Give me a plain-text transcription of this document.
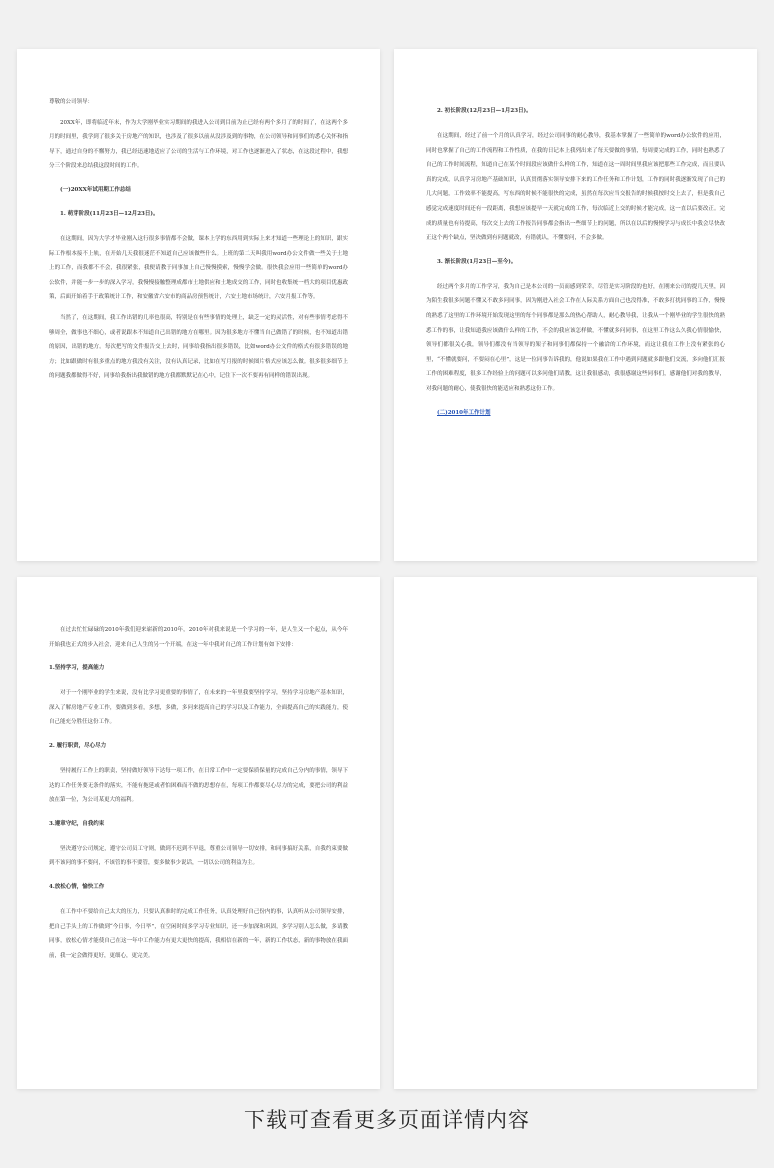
尊敬的公司领导：

20XX年，即将临近年末，作为大学刚毕业实习期间的我进入公司到目前为止已经有两个多月了的时间了，在这两个多月的时间里，我学到了很多关于房地产的知识，也涉及了很多以前从没涉及到的事物，在公司领导和同事们的悉心关怀和指导下，通过自身的不懈努力，我已经迅速地适应了公司的生活与工作环境，对工作也逐渐进入了状态，在这段过程中，我想分三个阶段来总结我这段时间的工作。

(一)20XX年试用期工作总结
1. 萌芽阶段(11月23日—12月23日)。

在这期间，因为大学才毕业刚入这行很多事情都不会做，课本上学的东西用到实际上来才知道一些理论上的知识，跟实际工作根本接不上轨，在开始几天我很迷茫不知道自己应该做些什么。上班的第二天叫我用word办公文件做一些关于土地上的工作，而我都不不会，我很紧张，我便请教于同事加上自己慢慢摸索，慢慢学会做。很快我会应用一些简单的word办公软件，并能一步一步的深入学习，我慢慢接触整理成都市土地供应和土地成交的工作，同时也收集统一档大的项目优惠政策，后面开始着手于政策统计工作，和安徽省六安市的商品房预售统计，六安土地市场统计，六安月报工作等。

当然了，在这期间，我工作出错的几率也很高，特别是在有些事情的处理上，缺乏一定的灵活性，对有些事情考虑得不够周全，做事也不细心，或者说跟本不知道自己出错的地方在哪里。因为很多地方不懂当自己做错了的时候，也不知道出错的原因，出错的地方。每次把写的文件报告交上去时，同事给我指出很多错误，比如word办公文件的格式有很多错误的地方；比如跟做时有很多重点的地方我没有关注，没有认真记录，比如在写月报的时候图片格式应该怎么做。很多很多细节上的问题我都做得不好，同事给我指出我做错的地方我都默默记在心中，记住下一次不要再有同样的错误出现。

2. 初长阶段(12月23日—1月23日)。

在这期间，经过了前一个月的认真学习，经过公司同事的耐心教导，我基本掌握了一些简单的word办公软件的应用，同时也掌握了自己的工作流程和工作性质，在我的日记本上我列出来了每天要做的事情，每周要完成的工作，同时也熟悉了自己的工作时间流程，知道自己在某个时间段应该做什么样的工作，知道在这一周时间里我应该把那些工作完成，而且要认真的完成，认真学习房地产基础知识，认真贯彻落实领导安排下来的工作任务和工作计划，工作的同时我逐渐发现了自己的几大问题，工作效率不能提高，写东西的时候不能很快的完成，虽然在每次应当交报告的时候我按时交上去了，但是我自己感觉完成速度时间还有一段距离，我想应该提早一天就完成的工作，每次临近上交的时候才能完成，这一直以后要改正。完成的质量也有待提高，每次交上去的工作报告同事都会指出一些细节上的问题，所以在以后的慢慢学习与成长中我会尽快改正这个两个缺点，坚决做到有问题就改，有错就认，不懂要问，不会多做。

3. 渐长阶段(1月23日—至今)。

经过两个多月的工作学习，我为自己是本公司的一员而感到荣幸，尽管是实习阶段的也好，在刚来公司的提几天里，因为陌生我很多问题不懂又不敢多问同事，因为刚进入社会工作在人际关系方面自己也没得准，不敢多打扰同事的工作，慢慢的熟悉了这里的工作环境开始发现这里的每个同事都是那么的热心帮助人，耐心教导我，让我从一个刚毕业的学生很快的熟悉工作的事，让我知道我应该做什么样的工作，不会的我应该怎样做，不懂就多问同事，在这里工作这么久我心情很愉快，领导们都很关心我，领导们都没有当领导的架子和同事们都保持一个融洽的工作环境，而这让我在工作上没有紧张的心里，“不懂就要问，不要闷在心里”，这是一位同事告诉我的，他说如果我在工作中遇到问题就多跟他们交流，多向他们汇报工作的困难程度，很多工作经验上的问题可以多问他们请教，这让我很感动，我很感谢这些同事们，感谢他们对我的教导，对我问题的耐心，使我很快的能适应和熟悉这份工作。

(二)2010年工作计划

在过去忙忙碌碌的2010年我们迎来崭新的2010年，2010年对我来说是一个学习的一年，是人生又一个起点，从今年开始我也正式的步入社会，迎来自己人生的另一个开端，在这一年中我对自己的工作计划有如下安排：

1.坚持学习，提高能力

对于一个刚毕业的学生来说，没有比学习更重要的事情了，在未来的一年里我要坚持学习，坚持学习房地产基本知识，深入了解房地产专业工作，要做到多看，多想，多做，多问来提高自己的学习以及工作能力，全面提高自己的实践能力，使自己能充分胜任这份工作。

2. 履行职责，尽心尽力

坚持履行工作上的职责，坚持做好领导下达每一项工作，在日常工作中一定要保质保量的完成自己分内的事情，领导下达的工作任务要无条件的落实，不能有拖延或者怕困难而不做的思想存在，每项工作都要尽心尽力的完成，要把公司的利益放在第一位，为公司某更大的福利。

3.遵章守纪，自我约束

坚决遵守公司规定，遵守公司员工守则，做到不迟到不早退，尊重公司领导一切安排，和同事搞好关系，自我约束要做到不该问的事不要问，不该管的事不要管，要多做事少说话，一切以公司的利益为主。

4.放松心情，愉快工作

在工作中不要给自己太大的压力，只要认真准时的完成工作任务，认真处理好自己份内的事，认真听从公司领导安排，把自己手头上的工作做到“今日事，今日毕”，在空闲时间多学习专业知识，还一步加深和巩固，多学习别人怎么做，多请教同事，放松心情才能使自己在这一年中工作能力有更大更快的提高，我相信在新的一年，新的工作状态，新的事物放在我面前，我一定会做得更好，更细心，更完美。

下载可查看更多页面详情内容
